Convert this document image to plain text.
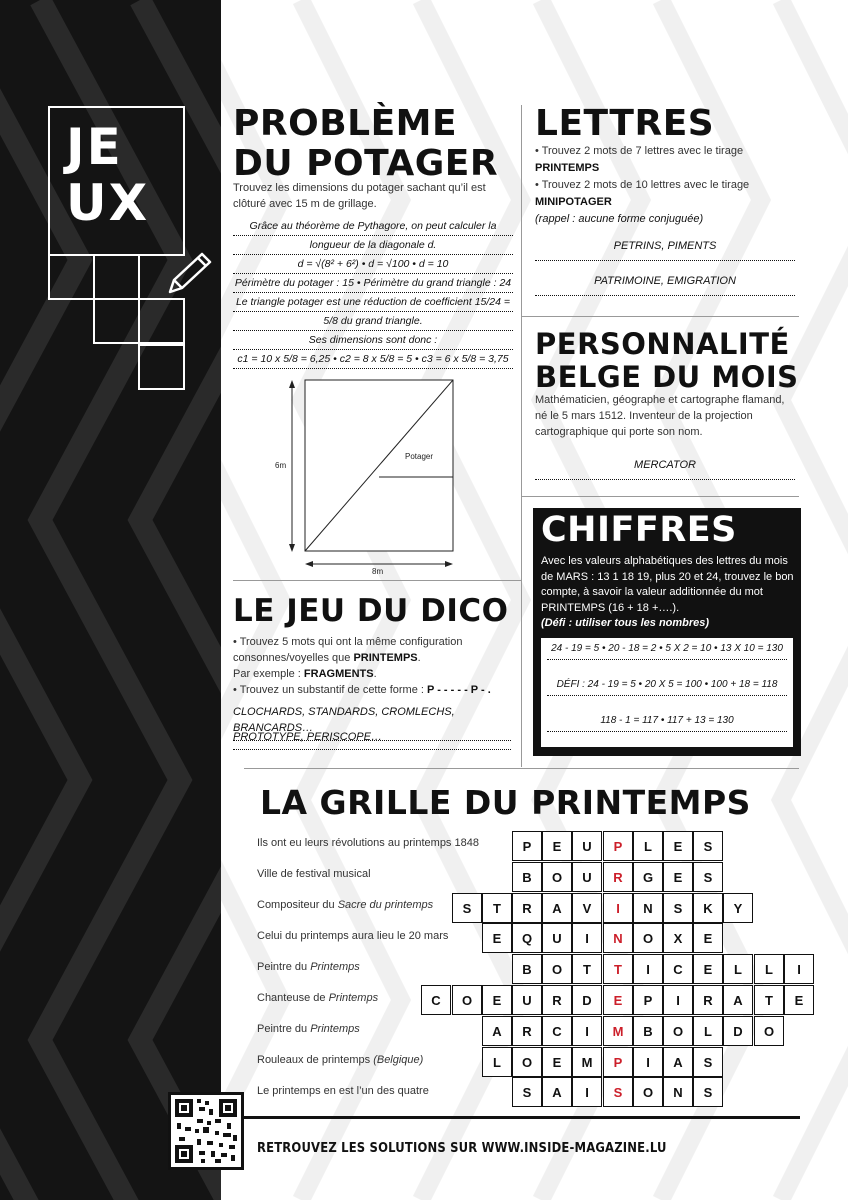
JE
UX
PROBLÈME
DU POTAGER
Trouvez les dimensions du potager sachant qu’il est
clôturé avec 15 m de grillage.
Grâce au théorème de Pythagore, on peut calculer la
longueur de la diagonale d.
d = √(8² + 6²) • d = √100 • d = 10
Périmètre du potager : 15 • Périmètre du grand triangle : 24
Le triangle potager est une réduction de coefficient 15/24 =
5/8 du grand triangle.
Ses dimensions sont donc :
c1 = 10 x 5/8 = 6,25 • c2 = 8 x 5/8 = 5 • c3 = 6 x 5/8 = 3,75
Potager
6m
8m
LETTRES
• Trouvez 2 mots de 7 lettres avec le tirage
PRINTEMPS
• Trouvez 2 mots de 10 lettres avec le tirage
MINIPOTAGER
(rappel : aucune forme conjuguée)
PETRINS, PIMENTS
PATRIMOINE, EMIGRATION
PERSONNALITÉ
BELGE DU MOIS
Mathématicien, géographe et cartographe flamand,
né le 5 mars 1512. Inventeur de la projection
cartographique qui porte son nom.
MERCATOR
CHIFFRES
Avec les valeurs alphabétiques des lettres du mois
de MARS : 13 1 18 19, plus 20 et 24, trouvez le bon
compte, à savoir la valeur additionnée du mot
PRINTEMPS (16 + 18 +….).
(Défi : utiliser tous les nombres)
24 - 19 = 5 • 20 - 18 = 2 • 5 X 2 = 10 • 13 X 10 = 130
DÉFI : 24 - 19 = 5 • 20 X 5 = 100 • 100 + 18 = 118
118 - 1 = 117 • 117 + 13 = 130
LE JEU DU DICO
• Trouvez 5 mots qui ont la même configuration
consonnes/voyelles que PRINTEMPS.
Par exemple : FRAGMENTS.
• Trouvez un substantif de cette forme : P - - - - - P - .
CLOCHARDS, STANDARDS, CROMLECHS, BRANCARDS…
PROTOTYPE, PERISCOPE…
LA GRILLE DU PRINTEMPS
Ils ont eu leurs révolutions au printemps 1848
Ville de festival musical
Compositeur du Sacre du printemps
Celui du printemps aura lieu le 20 mars
Peintre du Printemps
Chanteuse de Printemps
Peintre du Printemps
Rouleaux de printemps (Belgique)
Le printemps en est l’un des quatre
P	E	U	P	L	E	S
B	O	U	R	G	E	S
S	T	R	A	V	I	N	S	K	Y
E	Q	U	I	N	O	X	E
B	O	T	T	I	C	E	L	L	I
C	O	E	U	R	D	E	P	I	R	A	T	E
A	R	C	I	M	B	O	L	D	O
L	O	E	M	P	I	A	S
S	A	I	S	O	N	S
RETROUVEZ LES SOLUTIONS SUR WWW.INSIDE-MAGAZINE.LU
